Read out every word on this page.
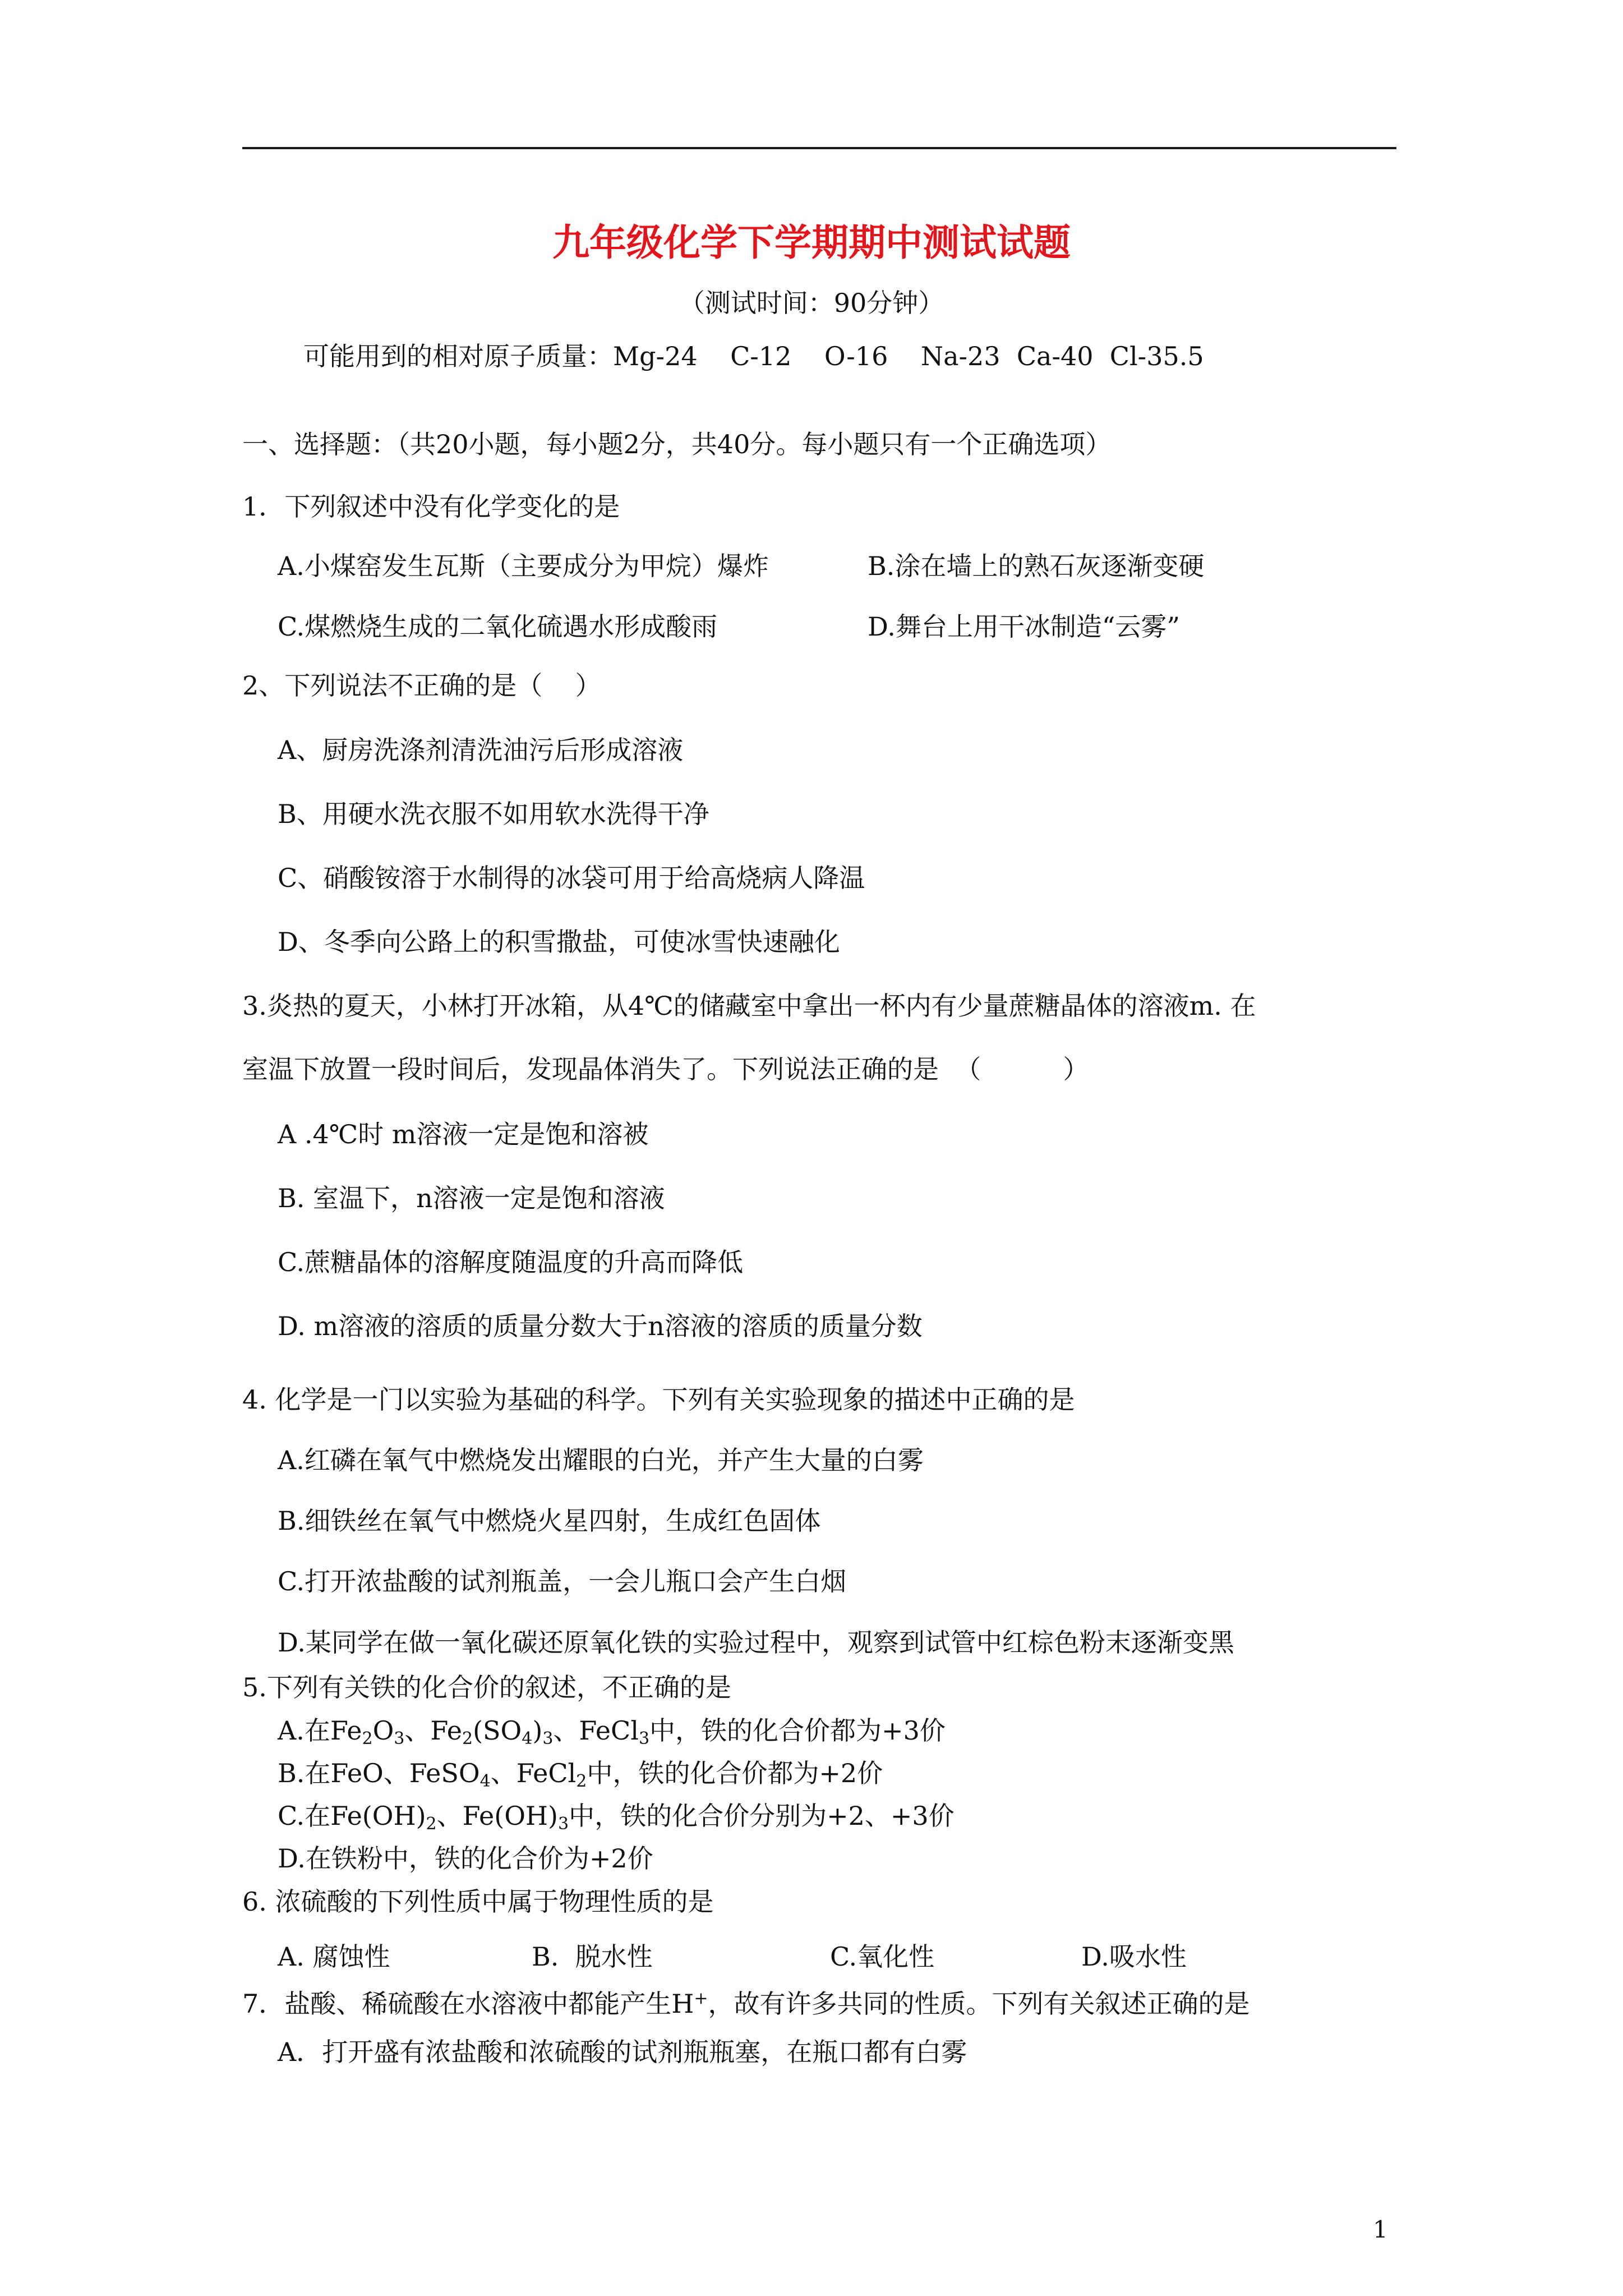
九年级化学下学期期中测试试题
（测试时间：90分钟）
可能用到的相对原子质量：Mg-24    C-12    O-16    Na-23  Ca-40  Cl-35.5
一、选择题：（共20小题，每小题2分，共40分。每小题只有一个正确选项）
1．下列叙述中没有化学变化的是
A.小煤窑发生瓦斯（主要成分为甲烷）爆炸	B.涂在墙上的熟石灰逐渐变硬
C.煤燃烧生成的二氧化硫遇水形成酸雨	D.舞台上用干冰制造“云雾”
2、下列说法不正确的是（    ）
A、厨房洗涤剂清洗油污后形成溶液
B、用硬水洗衣服不如用软水洗得干净
C、硝酸铵溶于水制得的冰袋可用于给高烧病人降温
D、冬季向公路上的积雪撒盐，可使冰雪快速融化
3.炎热的夏天，小林打开冰箱，从4℃的储藏室中拿出一杯内有少量蔗糖晶体的溶液m. 在
室温下放置一段时间后，发现晶体消失了。下列说法正确的是  （          ）
A .4℃时 m溶液一定是饱和溶被
B. 室温下，n溶液一定是饱和溶液
C.蔗糖晶体的溶解度随温度的升高而降低
D. m溶液的溶质的质量分数大于n溶液的溶质的质量分数
4. 化学是一门以实验为基础的科学。下列有关实验现象的描述中正确的是
A.红磷在氧气中燃烧发出耀眼的白光，并产生大量的白雾
B.细铁丝在氧气中燃烧火星四射，生成红色固体
C.打开浓盐酸的试剂瓶盖，一会儿瓶口会产生白烟
D.某同学在做一氧化碳还原氧化铁的实验过程中，观察到试管中红棕色粉末逐渐变黑
5.下列有关铁的化合价的叙述，不正确的是
A.在$Fe_2O_3$、$Fe_2(SO_4)_3$、FeCl$_3$中，铁的化合价都为+3价
B.在FeO、FeSO$_4$、FeCl$_2$中，铁的化合价都为+2价
C.在$Fe(OH)_2$、$Fe(OH)_3$中，铁的化合价分别为+2、+3价
D.在铁粉中，铁的化合价为+2价
6. 浓硫酸的下列性质中属于物理性质的是
A. 腐蚀性	B.  脱水性	C.氧化性	D.吸水性
7．盐酸、稀硫酸在水溶液中都能产生H+，故有许多共同的性质。下列有关叙述正确的是
A．打开盛有浓盐酸和浓硫酸的试剂瓶瓶塞，在瓶口都有白雾
1
